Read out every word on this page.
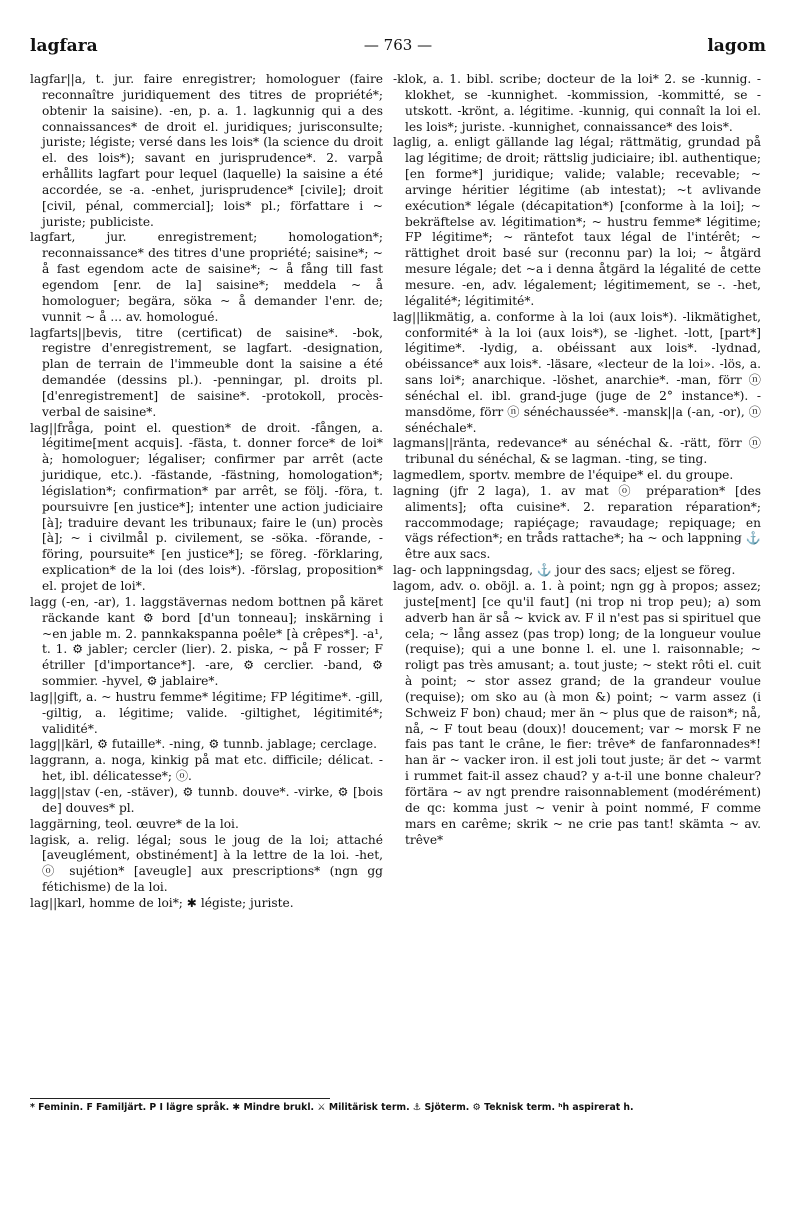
lagfara	— 763 —	lagom

lagfar||a, t. jur. faire enregistrer; homologuer (faire reconnaître juridiquement des titres de propriété*; obtenir la saisine). -en, p. a. 1. lagkunnig qui a des connaissances* de droit el. juridiques; jurisconsulte; juriste; légiste; versé dans les lois* (la science du droit el. des lois*); savant en jurisprudence*. 2. varpå erhållits lagfart pour lequel (laquelle) la saisine a été accordée, se -a. -enhet, jurisprudence* [civile]; droit [civil, pénal, commercial]; lois* pl.; författare i ~ juriste; publiciste.

lagfart, jur. enregistrement; homologation*; reconnaissance* des titres d'une propriété; saisine*; ~ å fast egendom acte de saisine*; ~ å fång till fast egendom [enr. de la] saisine*; meddela ~ å homologuer; begära, söka ~ å demander l'enr. de; vunnit ~ å ... av. homologué.

lagfarts||bevis, titre (certificat) de saisine*. -bok, registre d'enregistrement, se lagfart. -designation, plan de terrain de l'immeuble dont la saisine a été demandée (dessins pl.). -penningar, pl. droits pl. [d'enregistrement] de saisine*. -protokoll, procès-verbal de saisine*.

lag||fråga, point el. question* de droit. -fången, a. légitime[ment acquis]. -fästa, t. donner force* de loi* à; homologuer; légaliser; confirmer par arrêt (acte juridique, etc.). -fästande, -fästning, homologation*; législation*; confirmation* par arrêt, se följ. -föra, t. poursuivre [en justice*]; intenter une action judiciaire [à]; traduire devant les tribunaux; faire le (un) procès [à]; ~ i civilmål p. civilement, se -söka. -förande, -föring, poursuite* [en justice*]; se föreg. -förklaring, explication* de la loi (des lois*). -förslag, proposition* el. projet de loi*.

lagg (-en, -ar), 1. laggstävernas nedom bottnen på käret räckande kant ⚙ bord [d'un tonneau]; inskärning i ~en jable m. 2. pannkakspanna poêle* [à crêpes*]. -a¹, t. 1. ⚙ jabler; cercler (lier). 2. piska, ~ på F rosser; F étriller [d'importance*]. -are, ⚙ cerclier. -band, ⚙ sommier. -hyvel, ⚙ jablaire*.

lag||gift, a. ~ hustru femme* légitime; FP légitime*. -gill, -giltig, a. légitime; valide. -giltighet, légitimité*; validité*.

lagg||kärl, ⚙ futaille*. -ning, ⚙ tunnb. jablage; cerclage.

laggrann, a. noga, kinkig på mat etc. difficile; délicat. -het, ibl. délicatesse*; ⓞ.

lagg||stav (-en, -stäver), ⚙ tunnb. douve*. -virke, ⚙ [bois de] douves* pl.

laggärning, teol. œuvre* de la loi.

lagisk, a. relig. légal; sous le joug de la loi; attaché [aveuglément, obstinément] à la lettre de la loi. -het, ⓞ sujétion* [aveugle] aux prescriptions* (ngn gg fétichisme) de la loi.

lag||karl, homme de loi*; ✱ légiste; juriste.

-klok, a. 1. bibl. scribe; docteur de la loi* 2. se -kunnig. -klokhet, se -kunnighet. -kommission, -kommitté, se -utskott. -krönt, a. légitime. -kunnig, qui connaît la loi el. les lois*; juriste. -kunnighet, connaissance* des lois*.

laglig, a. enligt gällande lag légal; rättmätig, grundad på lag légitime; de droit; rättslig judiciaire; ibl. authentique; [en forme*] juridique; valide; valable; recevable; ~ arvinge héritier légitime (ab intestat); ~t avlivande exécution* légale (décapitation*) [conforme à la loi]; ~ bekräftelse av. légitimation*; ~ hustru femme* légitime; FP légitime*; ~ räntefot taux légal de l'intérêt; ~ rättighet droit basé sur (reconnu par) la loi; ~ åtgärd mesure légale; det ~a i denna åtgärd la légalité de cette mesure. -en, adv. légalement; légitimement, se -. -het, légalité*; légitimité*.

lag||likmätig, a. conforme à la loi (aux lois*). -likmätighet, conformité* à la loi (aux lois*), se -lighet. -lott, [part*] légitime*. -lydig, a. obéissant aux lois*. -lydnad, obéissance* aux lois*. -läsare, «lecteur de la loi». -lös, a. sans loi*; anarchique. -löshet, anarchie*. -man, förr ⓝ sénéchal el. ibl. grand-juge (juge de 2° instance*). -mansdöme, förr ⓝ sénéchaussée*. -mansk||a (-an, -or), ⓝ sénéchale*.

lagmans||ränta, redevance* au sénéchal &. -rätt, förr ⓝ tribunal du sénéchal, & se lagman. -ting, se ting.

lagmedlem, sportv. membre de l'équipe* el. du groupe.

lagning (jfr 2 laga), 1. av mat ⓞ préparation* [des aliments]; ofta cuisine*. 2. reparation réparation*; raccommodage; rapiéçage; ravaudage; repiquage; en vägs réfection*; en tråds rattache*; ha ~ och lappning ⚓ être aux sacs.

lag- och lappningsdag, ⚓ jour des sacs; eljest se föreg.

lagom, adv. o. oböjl. a. 1. à point; ngn gg à propos; assez; juste[ment] [ce qu'il faut] (ni trop ni trop peu); a) som adverb han är så ~ kvick av. F il n'est pas si spirituel que cela; ~ lång assez (pas trop) long; de la longueur voulue (requise); qui a une bonne l. el. une l. raisonnable; ~ roligt pas très amusant; a. tout juste; ~ stekt rôti el. cuit à point; ~ stor assez grand; de la grandeur voulue (requise); om sko au (à mon &) point; ~ varm assez (i Schweiz F bon) chaud; mer än ~ plus que de raison*; nå, nå, ~ F tout beau (doux)! doucement; var ~ morsk F ne fais pas tant le crâne, le fier: trêve* de fanfaronnades*! han är ~ vacker iron. il est joli tout juste; är det ~ varmt i rummet fait-il assez chaud? y a-t-il une bonne chaleur? förtära ~ av ngt prendre raisonnablement (modérément) de qc: komma just ~ venir à point nommé, F comme mars en carême; skrik ~ ne crie pas tant! skämta ~ av. trêve*

* Feminin. F Familjärt. P I lägre språk. ✱ Mindre brukl. ⚔ Militärisk term. ⚓ Sjöterm. ⚙ Teknisk term. ʰh aspirerat h.
